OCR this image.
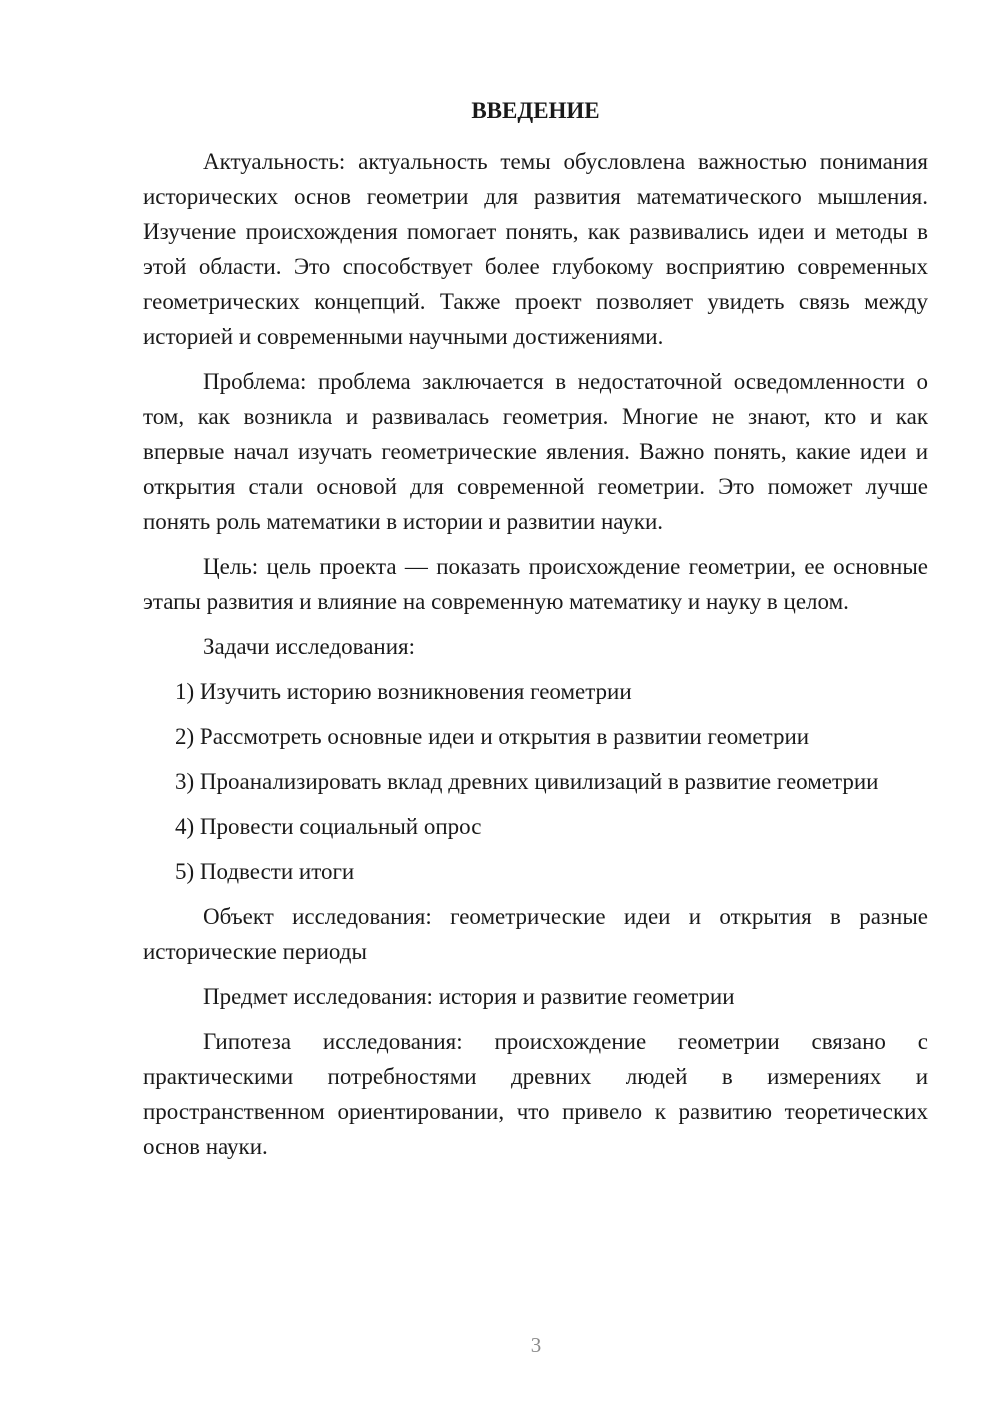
ВВЕДЕНИЕ

Актуальность: актуальность темы обусловлена важностью понимания исторических основ геометрии для развития математического мышления. Изучение происхождения помогает понять, как развивались идеи и методы в этой области. Это способствует более глубокому восприятию современных геометрических концепций. Также проект позволяет увидеть связь между историей и современными научными достижениями.

Проблема: проблема заключается в недостаточной осведомленности о том, как возникла и развивалась геометрия. Многие не знают, кто и как впервые начал изучать геометрические явления. Важно понять, какие идеи и открытия стали основой для современной геометрии. Это поможет лучше понять роль математики в истории и развитии науки.

Цель: цель проекта — показать происхождение геометрии, ее основные этапы развития и влияние на современную математику и науку в целом.

Задачи исследования:

1) Изучить историю возникновения геометрии

2) Рассмотреть основные идеи и открытия в развитии геометрии

3) Проанализировать вклад древних цивилизаций в развитие геометрии

4) Провести социальный опрос

5) Подвести итоги

Объект исследования: геометрические идеи и открытия в разные исторические периоды

Предмет исследования: история и развитие геометрии

Гипотеза исследования: происхождение геометрии связано с практическими потребностями древних людей в измерениях и пространственном ориентировании, что привело к развитию теоретических основ науки.

3
